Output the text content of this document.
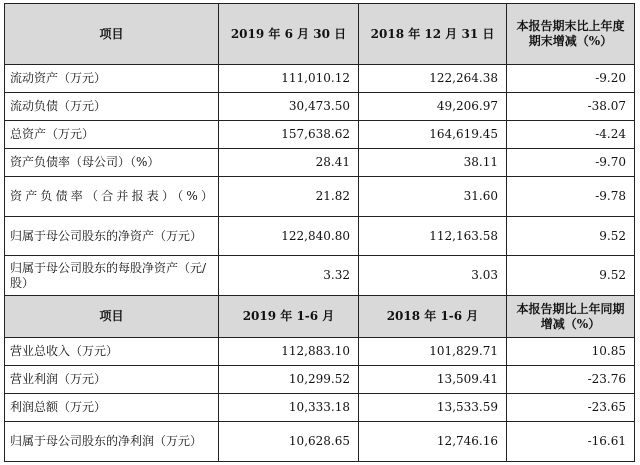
项目	2019 年 6 月 30 日	2018 年 12 月 31 日	本报告期末比上年度期末增减（%）
流动资产（万元）	111,010.12	122,264.38	-9.20
流动负债（万元）	30,473.50	49,206.97	-38.07
总资产（万元）	157,638.62	164,619.45	-4.24
资产负债率（母公司）（%）	28.41	38.11	-9.70
资产负债率（合并报表）（%）	21.82	31.60	-9.78
归属于母公司股东的净资产（万元）	122,840.80	112,163.58	9.52
归属于母公司股东的每股净资产（元/股）	3.32	3.03	9.52
项目	2019 年 1-6 月	2018 年 1-6 月	本报告期比上年同期增减（%）
营业总收入（万元）	112,883.10	101,829.71	10.85
营业利润（万元）	10,299.52	13,509.41	-23.76
利润总额（万元）	10,333.18	13,533.59	-23.65
归属于母公司股东的净利润（万元）	10,628.65	12,746.16	-16.61
